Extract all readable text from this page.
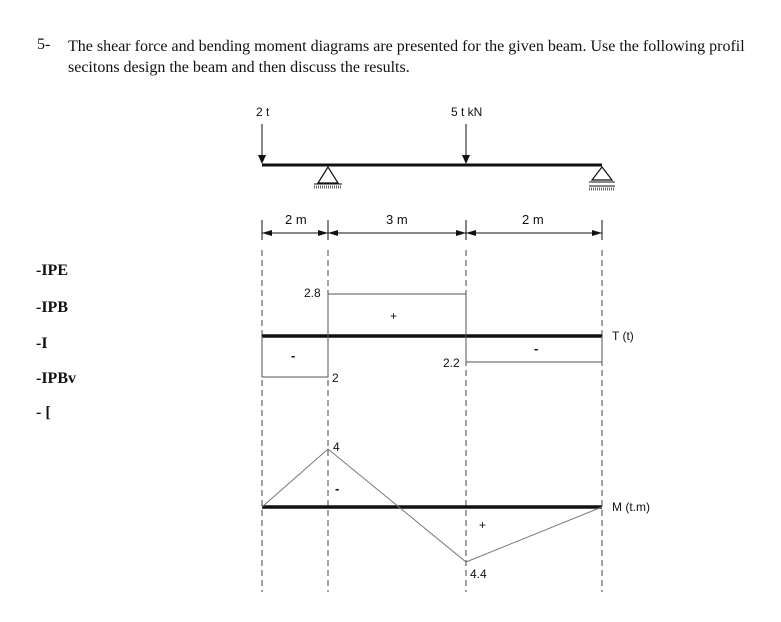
5- The shear force and bending moment diagrams are presented for the given beam. Use the following profil secitons design the beam and then discuss the results.
-IPE
-IPB
-I
-IPBv
- [
2 t	5 t kN
2 m	3 m	2 m
2.8
2
2.2
-
+
-
T (t)
4
4.4
-
+
M (t.m)
